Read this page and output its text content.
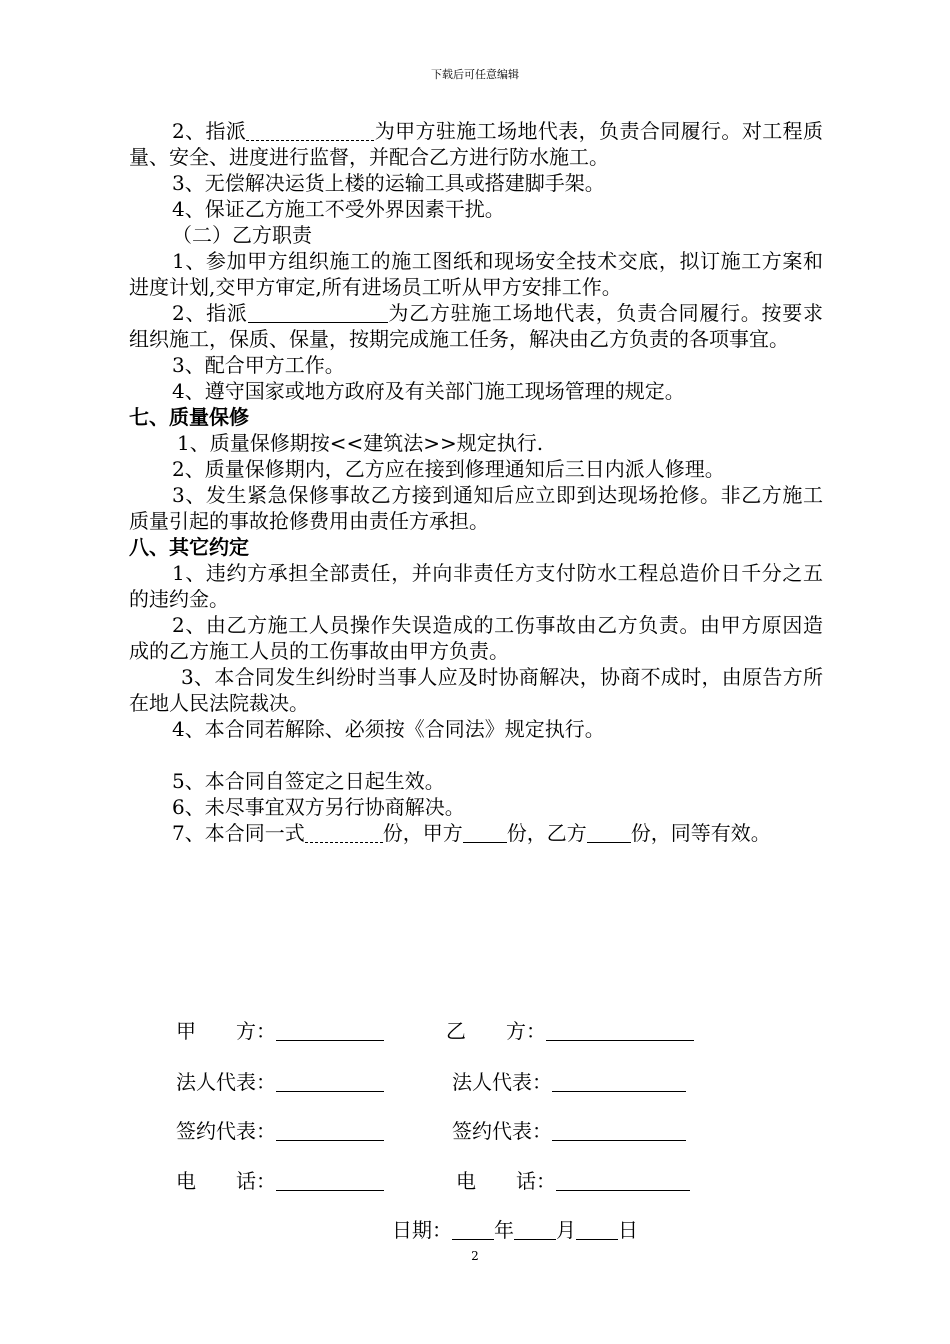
下载后可任意编辑

2、指派	为甲方驻施工场地代表，负责合同履行。对工程质量、安全、进度进行监督，并配合乙方进行防水施工。

3、无偿解决运货上楼的运输工具或搭建脚手架。

4、保证乙方施工不受外界因素干扰。

（二）乙方职责

1、参加甲方组织施工的施工图纸和现场安全技术交底，拟订施工方案和进度计划,交甲方审定,所有进场员工听从甲方安排工作。

2、指派	为乙方驻施工场地代表，负责合同履行。按要求组织施工，保质、保量，按期完成施工任务，解决由乙方负责的各项事宜。

3、配合甲方工作。

4、遵守国家或地方政府及有关部门施工现场管理的规定。

七、质量保修

1、质量保修期按<<建筑法>>规定执行.

2、质量保修期内，乙方应在接到修理通知后三日内派人修理。

3、发生紧急保修事故乙方接到通知后应立即到达现场抢修。非乙方施工质量引起的事故抢修费用由责任方承担。

八、其它约定

1、违约方承担全部责任，并向非责任方支付防水工程总造价日千分之五的违约金。

2、由乙方施工人员操作失误造成的工伤事故由乙方负责。由甲方原因造成的乙方施工人员的工伤事故由甲方负责。

3、本合同发生纠纷时当事人应及时协商解决，协商不成时，由原告方所在地人民法院裁决。

4、本合同若解除、必须按《合同法》规定执行。

5、本合同自签定之日起生效。

6、未尽事宜双方另行协商解决。

7、本合同一式	份，甲方 份，乙方 份，同等有效。

甲　　方：	乙　　方：
法人代表：	法人代表：
签约代表：	签约代表：
电　　话：	电　　话：
日期： 年 月 日
2
